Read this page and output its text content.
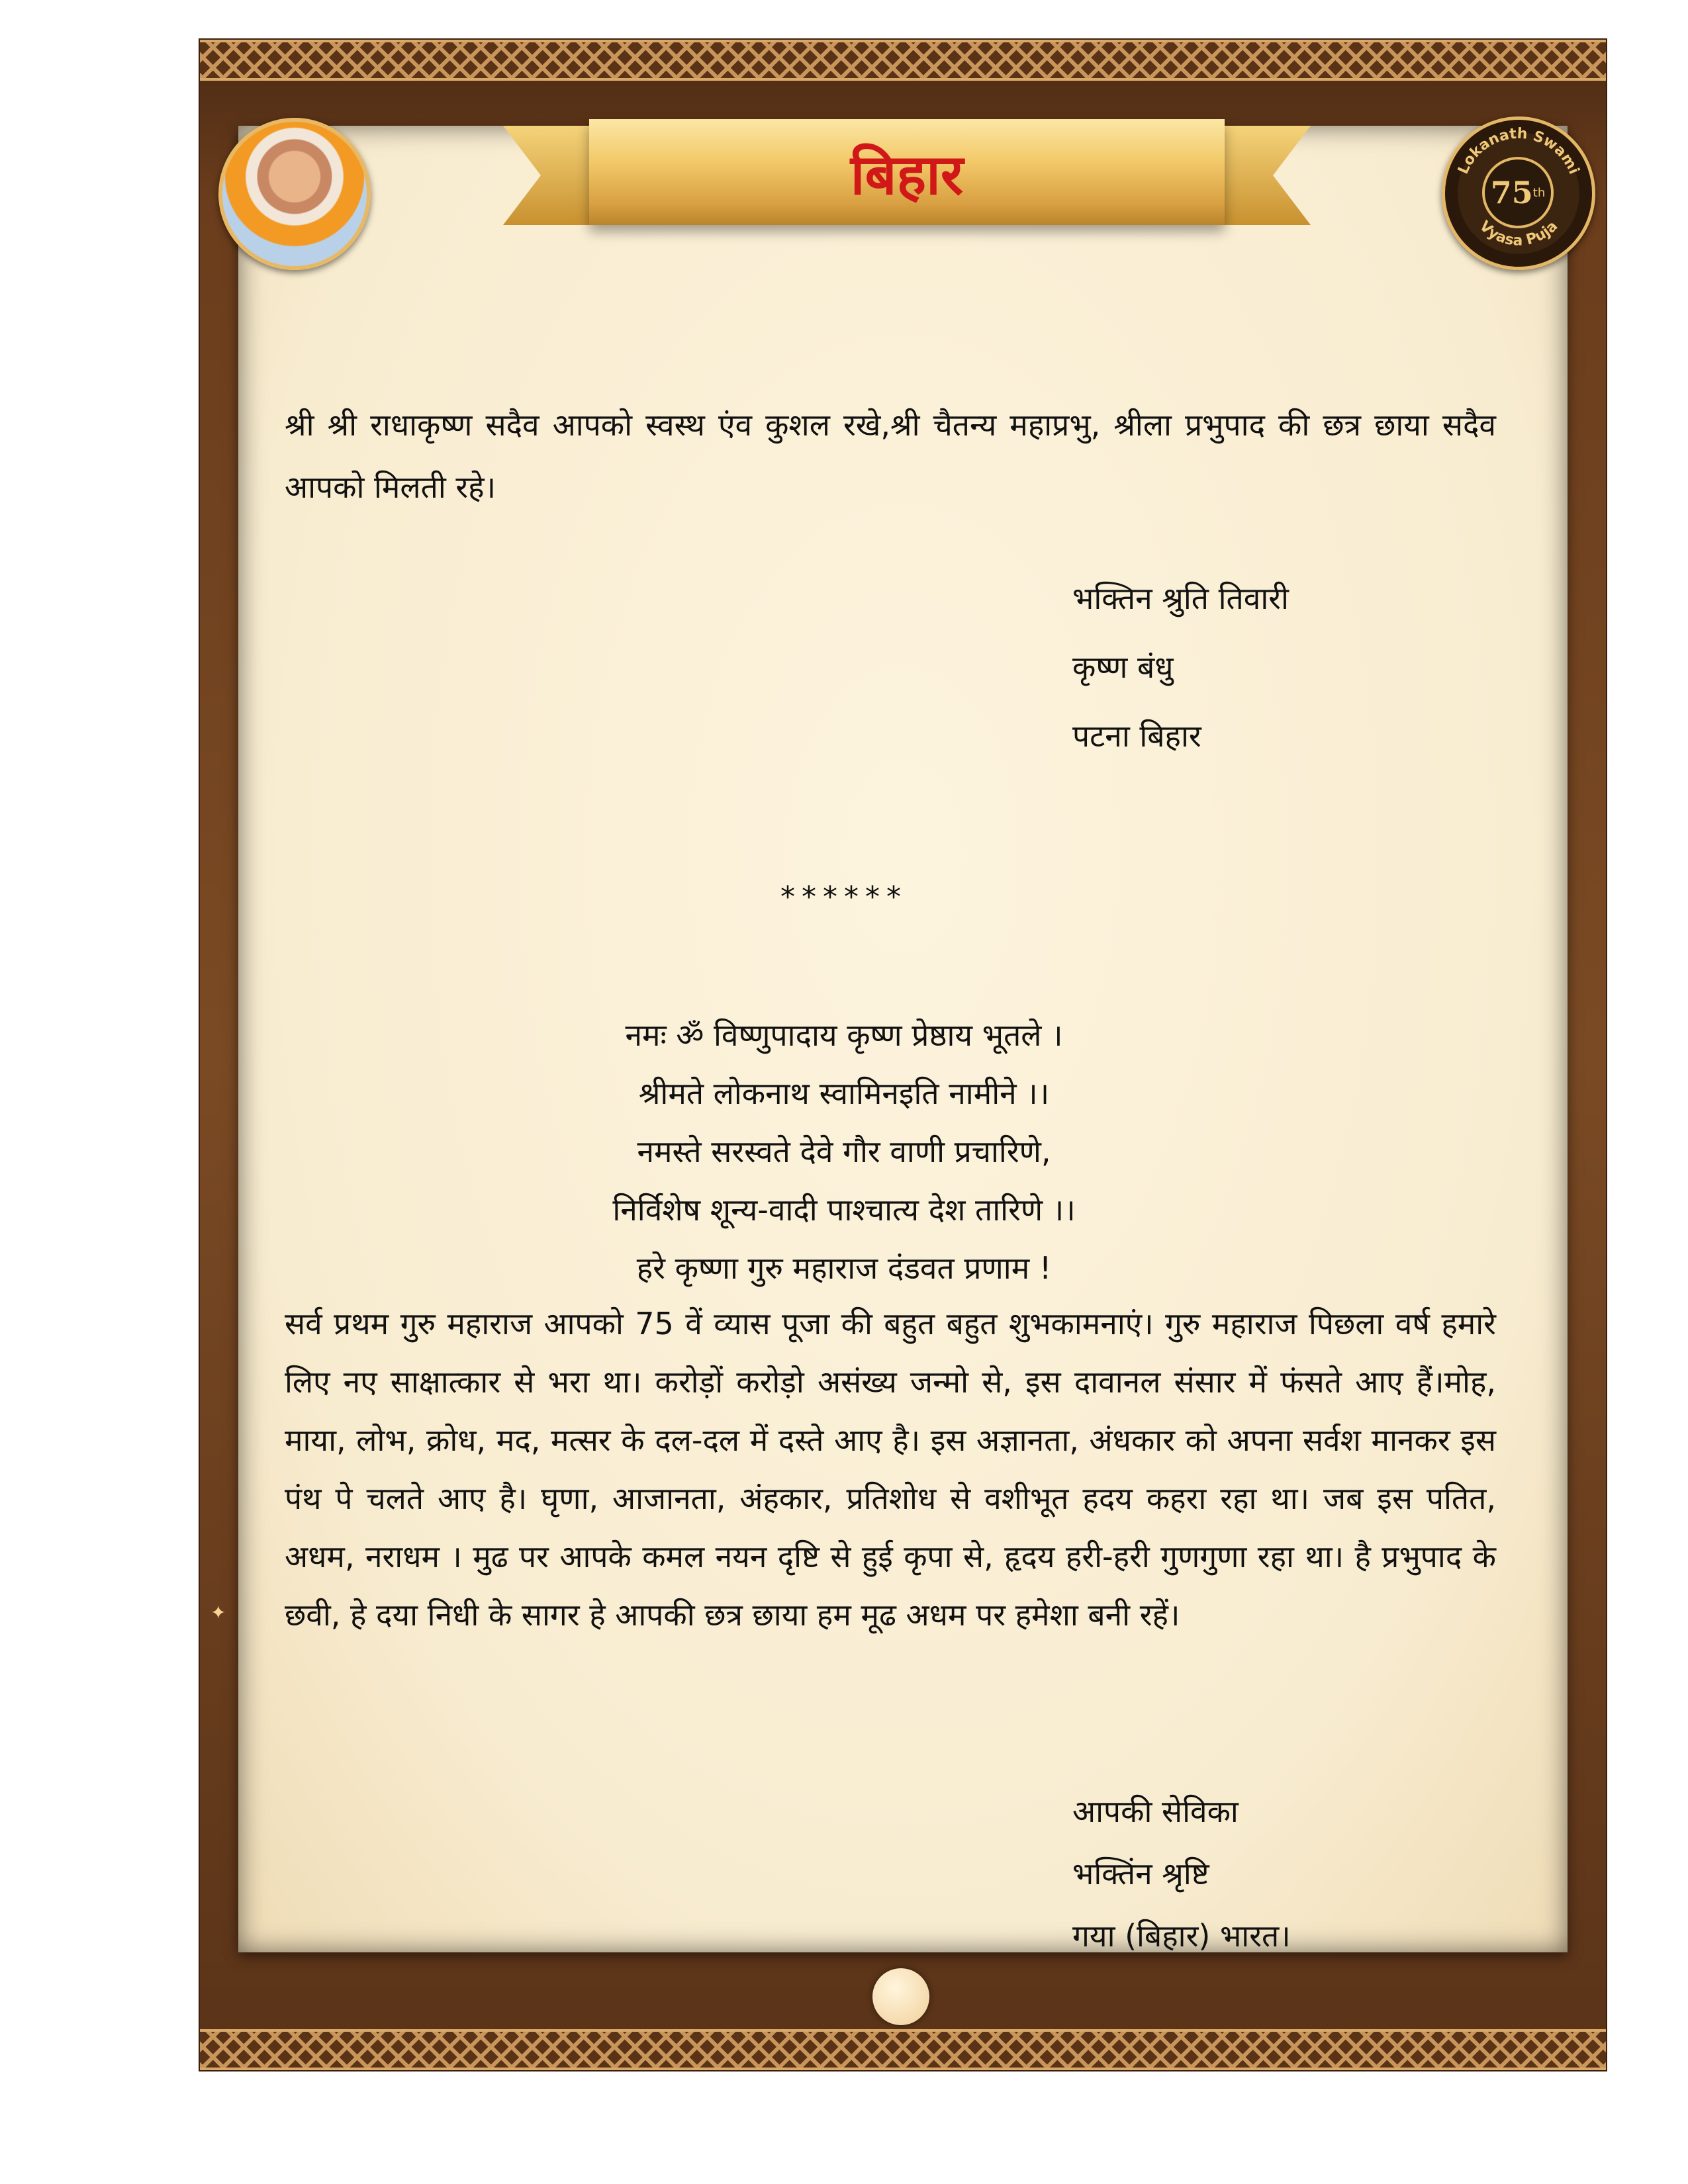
बिहार	Lokanath Swami
Vyasa Puja
75 th
श्री श्री राधाकृष्ण सदैव आपको स्वस्थ एंव कुशल रखे,श्री चैतन्य महाप्रभु, श्रीला प्रभुपाद की छत्र छाया सदैव आपको मिलती रहे।
भक्तिन श्रुति तिवारी
कृष्ण बंधु
पटना बिहार
******
नमः ॐ विष्णुपादाय कृष्ण प्रेष्ठाय भूतले ।
श्रीमते लोकनाथ स्वामिनइति नामीने ।।
नमस्ते सरस्वते देवे गौर वाणी प्रचारिणे,
निर्विशेष शून्य-वादी पाश्चात्य देश तारिणे ।।
हरे कृष्णा गुरु महाराज दंडवत प्रणाम !
सर्व प्रथम गुरु महाराज आपको 75 वें व्यास पूजा की बहुत बहुत शुभकामनाएं। गुरु महाराज पिछला वर्ष हमारे लिए नए साक्षात्कार से भरा था। करोड़ों करोड़ो असंख्य जन्मो से, इस दावानल संसार में फंसते आए हैं।मोह, माया, लोभ, क्रोध, मद, मत्सर के दल-दल में दस्ते आए है। इस अज्ञानता, अंधकार को अपना सर्वश मानकर इस पंथ पे चलते आए है। घृणा, आजानता, अंहकार, प्रतिशोध से वशीभूत हदय कहरा रहा था। जब इस पतित, अधम, नराधम । मुढ पर आपके कमल नयन दृष्टि से हुई कृपा से, हृदय हरी-हरी गुणगुणा रहा था। है प्रभुपाद के छवी, हे दया निधी के सागर हे आपकी छत्र छाया हम मूढ अधम पर हमेशा बनी रहें।
आपकी सेविका
भक्तिंन श्रृष्टि
गया (बिहार) भारत।
✦
